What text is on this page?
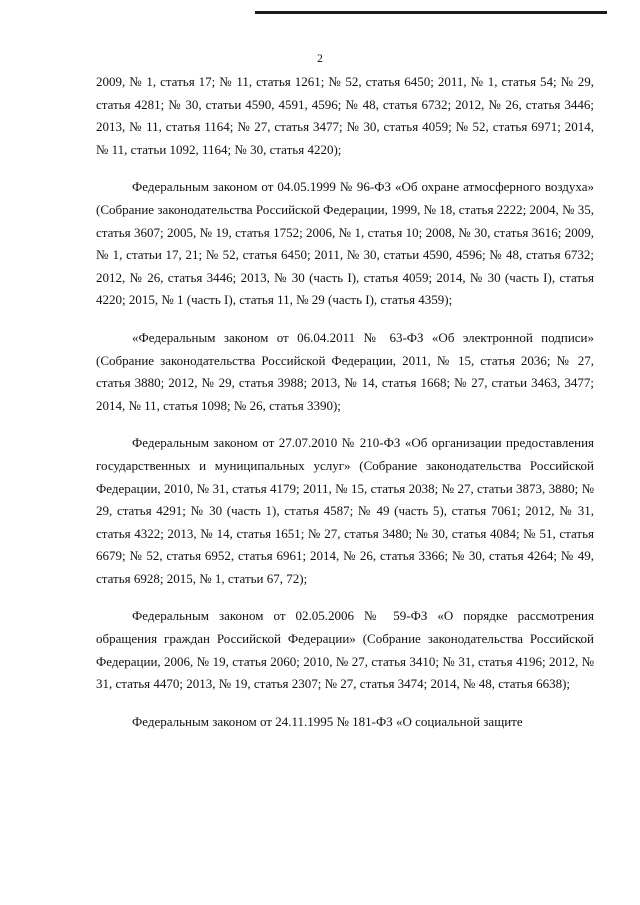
2

2009, № 1, статья 17; № 11, статья 1261; № 52, статья 6450; 2011, № 1, статья 54; № 29, статья 4281; № 30, статьи 4590, 4591, 4596; № 48, статья 6732; 2012, № 26, статья 3446; 2013, № 11, статья 1164; № 27, статья 3477; № 30, статья 4059; № 52, статья 6971; 2014, № 11, статьи 1092, 1164; № 30, статья 4220);

Федеральным законом от 04.05.1999 № 96-ФЗ «Об охране атмосферного воздуха» (Собрание законодательства Российской Федерации, 1999, № 18, статья 2222; 2004, № 35, статья 3607; 2005, № 19, статья 1752; 2006, № 1, статья 10; 2008, № 30, статья 3616; 2009, № 1, статьи 17, 21; № 52, статья 6450; 2011, № 30, статьи 4590, 4596; № 48, статья 6732; 2012, № 26, статья 3446; 2013, № 30 (часть I), статья 4059; 2014, № 30 (часть I), статья 4220; 2015, № 1 (часть I), статья 11, № 29 (часть I), статья 4359);

«Федеральным законом от 06.04.2011 № 63-ФЗ «Об электронной подписи» (Собрание законодательства Российской Федерации, 2011, № 15, статья 2036; № 27, статья 3880; 2012, № 29, статья 3988; 2013, № 14, статья 1668; № 27, статьи 3463, 3477; 2014, № 11, статья 1098; № 26, статья 3390);

Федеральным законом от 27.07.2010 № 210-ФЗ «Об организации предоставления государственных и муниципальных услуг» (Собрание законодательства Российской Федерации, 2010, № 31, статья 4179; 2011, № 15, статья 2038; № 27, статьи 3873, 3880; № 29, статья 4291; № 30 (часть 1), статья 4587; № 49 (часть 5), статья 7061; 2012, № 31, статья 4322; 2013, № 14, статья 1651; № 27, статья 3480; № 30, статья 4084; № 51, статья 6679; № 52, статья 6952, статья 6961; 2014, № 26, статья 3366; № 30, статья 4264; № 49, статья 6928; 2015, № 1, статьи 67, 72);

Федеральным законом от 02.05.2006 № 59-ФЗ «О порядке рассмотрения обращения граждан Российской Федерации» (Собрание законодательства Российской Федерации, 2006, № 19, статья 2060; 2010, № 27, статья 3410; № 31, статья 4196; 2012, № 31, статья 4470; 2013, № 19, статья 2307; № 27, статья 3474; 2014, № 48, статья 6638);

Федеральным законом от 24.11.1995 № 181-ФЗ «О социальной защите
